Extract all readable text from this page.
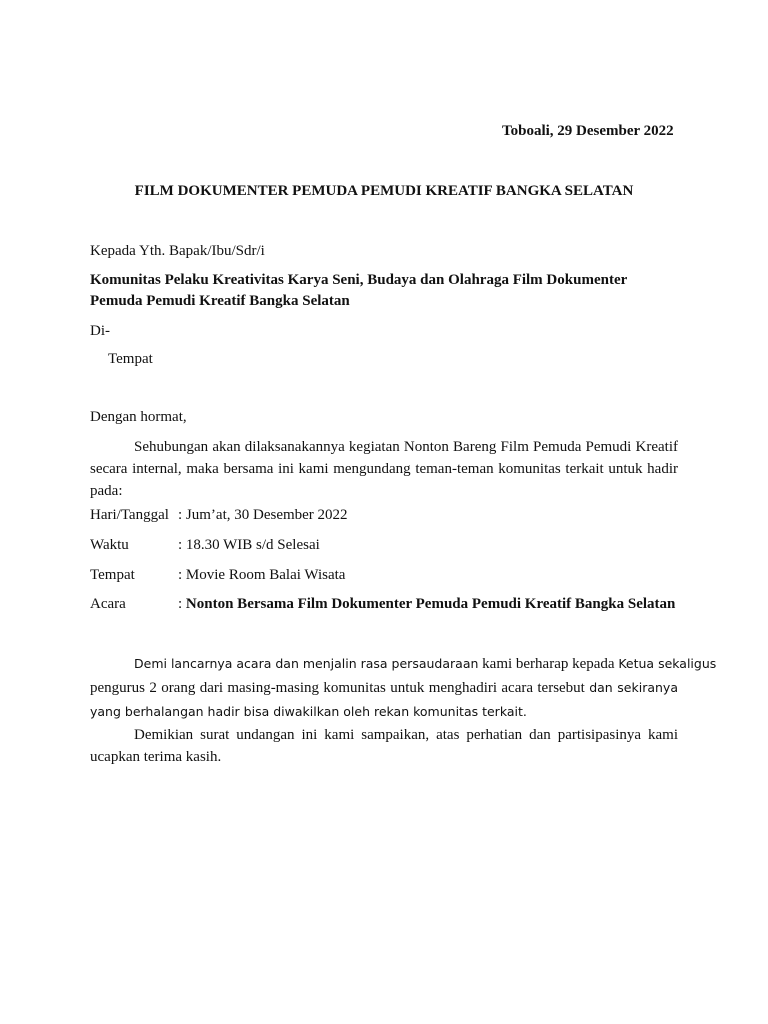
Toboali, 29 Desember 2022
FILM DOKUMENTER PEMUDA PEMUDI KREATIF BANGKA SELATAN
Kepada Yth. Bapak/Ibu/Sdr/i
Komunitas Pelaku Kreativitas Karya Seni, Budaya dan Olahraga Film Dokumenter
Pemuda Pemudi Kreatif Bangka Selatan
Di-
Tempat
Dengan hormat,
Sehubungan akan dilaksanakannya kegiatan Nonton Bareng Film Pemuda Pemudi Kreatif secara internal, maka bersama ini kami mengundang teman-teman komunitas terkait untuk hadir pada:
Hari/Tanggal : Jum’at, 30 Desember 2022
Waktu	: 18.30 WIB s/d Selesai
Tempat	: Movie Room Balai Wisata
Acara	: Nonton Bersama Film Dokumenter Pemuda Pemudi Kreatif Bangka Selatan
Demi lancarnya acara dan menjalin rasa persaudaraan kami berharap kepada Ketua sekaligus
pengurus 2 orang dari masing-masing komunitas untuk menghadiri acara tersebut dan sekiranya yang berhalangan hadir bisa diwakilkan oleh rekan komunitas terkait.
Demikian surat undangan ini kami sampaikan, atas perhatian dan partisipasinya kami ucapkan terima kasih.
